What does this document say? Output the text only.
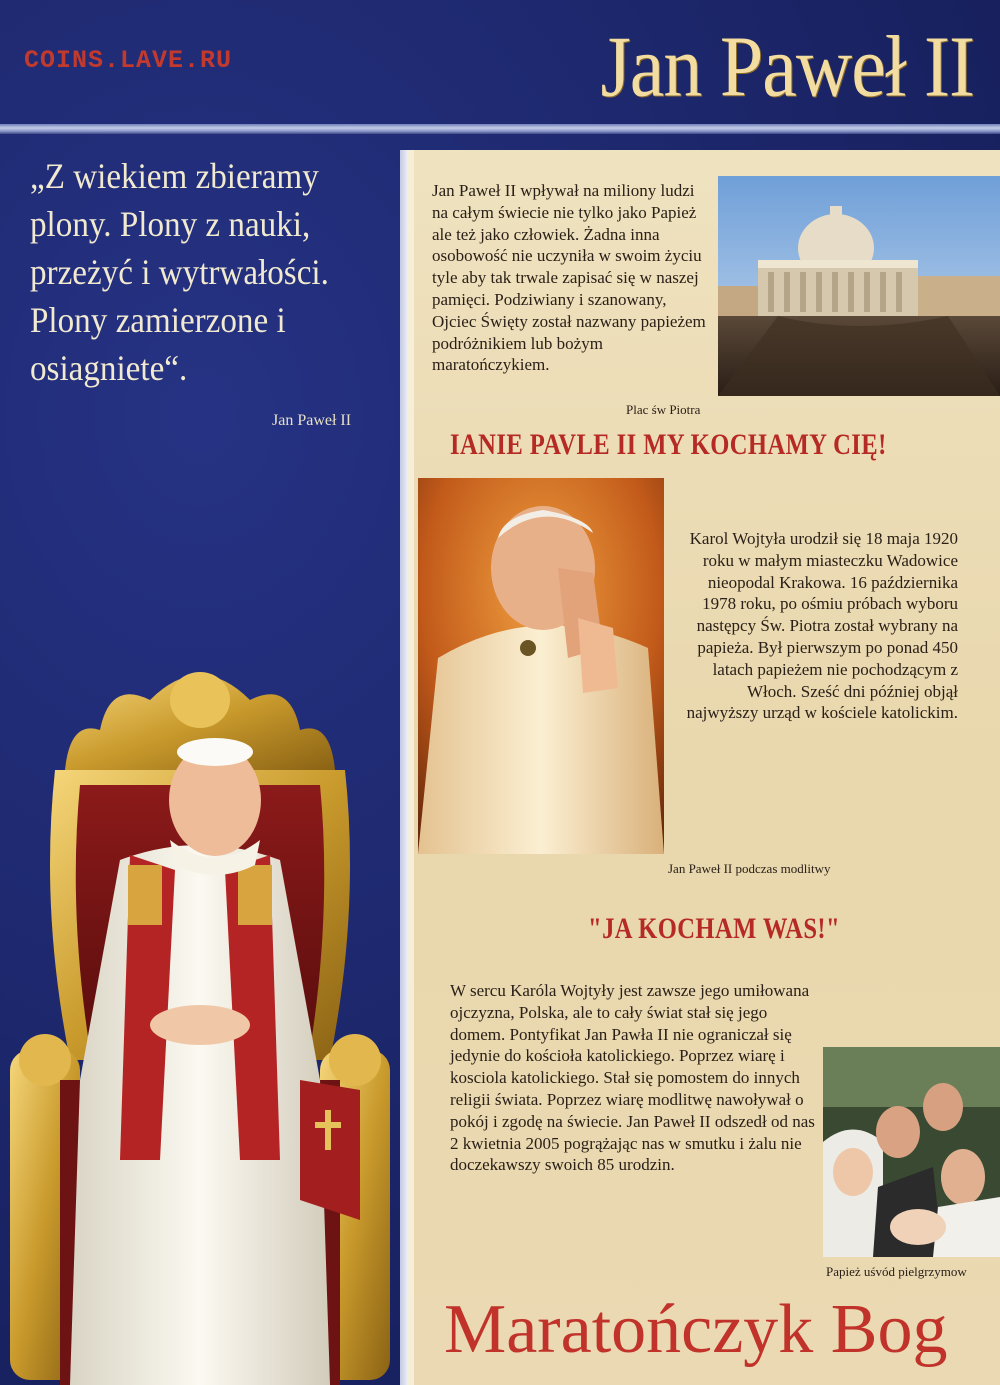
COINS.LAVE.RU	Jan Paweł II
„Z wiekiem zbieramy plony. Plony z nauki, przeżyć i wytrwałości. Plony zamierzone i osiagniete“.
Jan Paweł II
Jan Paweł II wpływał na miliony ludzi na całym świecie nie tylko jako Papież ale też jako człowiek. Żadna inna osobowość nie uczyniła w swoim życiu tyle aby tak trwale zapisać się w naszej pamięci. Podziwiany i szanowany, Ojciec Święty został nazwany papieżem podróżnikiem lub bożym maratończykiem.
Plac św Piotra
IANIE PAVLE II MY KOCHAMY CIĘ!
Karol Wojtyła urodził się 18 maja 1920 roku w małym miasteczku Wadowice nieopodal Krakowa. 16 października 1978 roku, po ośmiu próbach wyboru następcy Św. Piotra został wybrany na papieża. Był pierwszym po ponad 450 latach papieżem nie pochodzącym z Włoch. Sześć dni później objął najwyższy urząd w kościele katolickim.
Jan Paweł II podczas modlitwy
"JA KOCHAM WAS!"
W sercu Karóla Wojtyły jest zawsze jego umiłowana ojczyzna, Polska, ale to cały świat stał się jego domem. Pontyfikat Jan Pawła II nie ograniczał się jedynie do kościoła katolickiego. Poprzez wiarę i kosciola katolickiego. Stał się pomostem do innych religii świata. Poprzez wiarę modlitwę nawoływał o pokój i zgodę na świecie. Jan Paweł II odszedł od nas 2 kwietnia 2005 pogrążając nas w smutku i żalu nie doczekawszy swoich 85 urodzin.
Papież uśvód pielgrzymow
Maratończyk Bog
